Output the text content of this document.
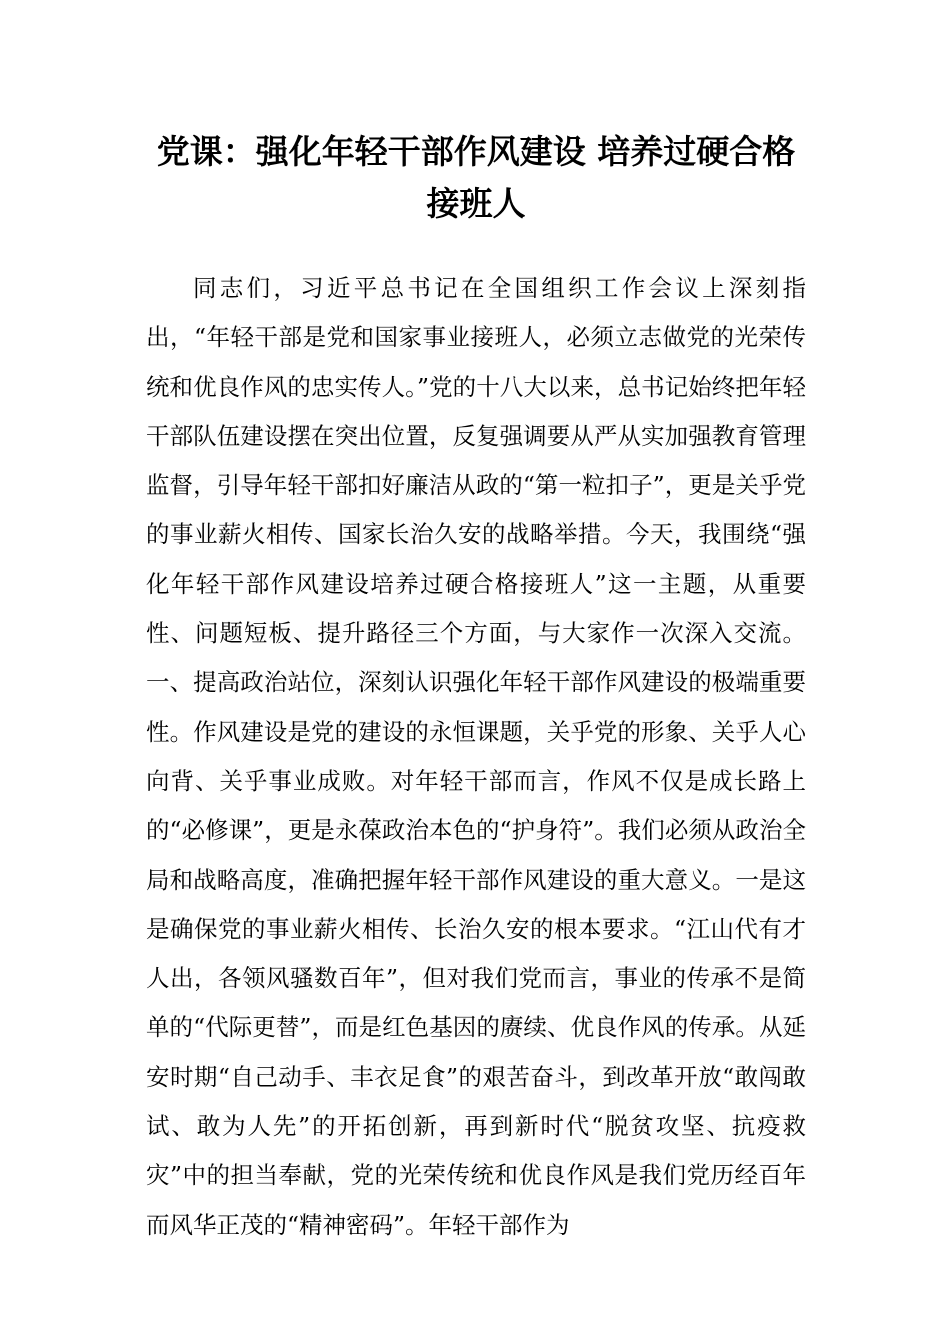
党课：强化年轻干部作风建设 培养过硬合格接班人

同志们，习近平总书记在全国组织工作会议上深刻指出，“年轻干部是党和国家事业接班人，必须立志做党的光荣传统和优良作风的忠实传人。”党的十八大以来，总书记始终把年轻干部队伍建设摆在突出位置，反复强调要从严从实加强教育管理监督，引导年轻干部扣好廉洁从政的“第一粒扣子”，更是关乎党的事业薪火相传、国家长治久安的战略举措。今天，我围绕“强化年轻干部作风建设培养过硬合格接班人”这一主题，从重要性、问题短板、提升路径三个方面，与大家作一次深入交流。一、提高政治站位，深刻认识强化年轻干部作风建设的极端重要性。作风建设是党的建设的永恒课题，关乎党的形象、关乎人心向背、关乎事业成败。对年轻干部而言，作风不仅是成长路上的“必修课”，更是永葆政治本色的“护身符”。我们必须从政治全局和战略高度，准确把握年轻干部作风建设的重大意义。一是这是确保党的事业薪火相传、长治久安的根本要求。“江山代有才人出，各领风骚数百年”，但对我们党而言，事业的传承不是简单的“代际更替”，而是红色基因的赓续、优良作风的传承。从延安时期“自己动手、丰衣足食”的艰苦奋斗，到改革开放“敢闯敢试、敢为人先”的开拓创新，再到新时代“脱贫攻坚、抗疫救灾”中的担当奉献，党的光荣传统和优良作风是我们党历经百年而风华正茂的“精神密码”。年轻干部作为
